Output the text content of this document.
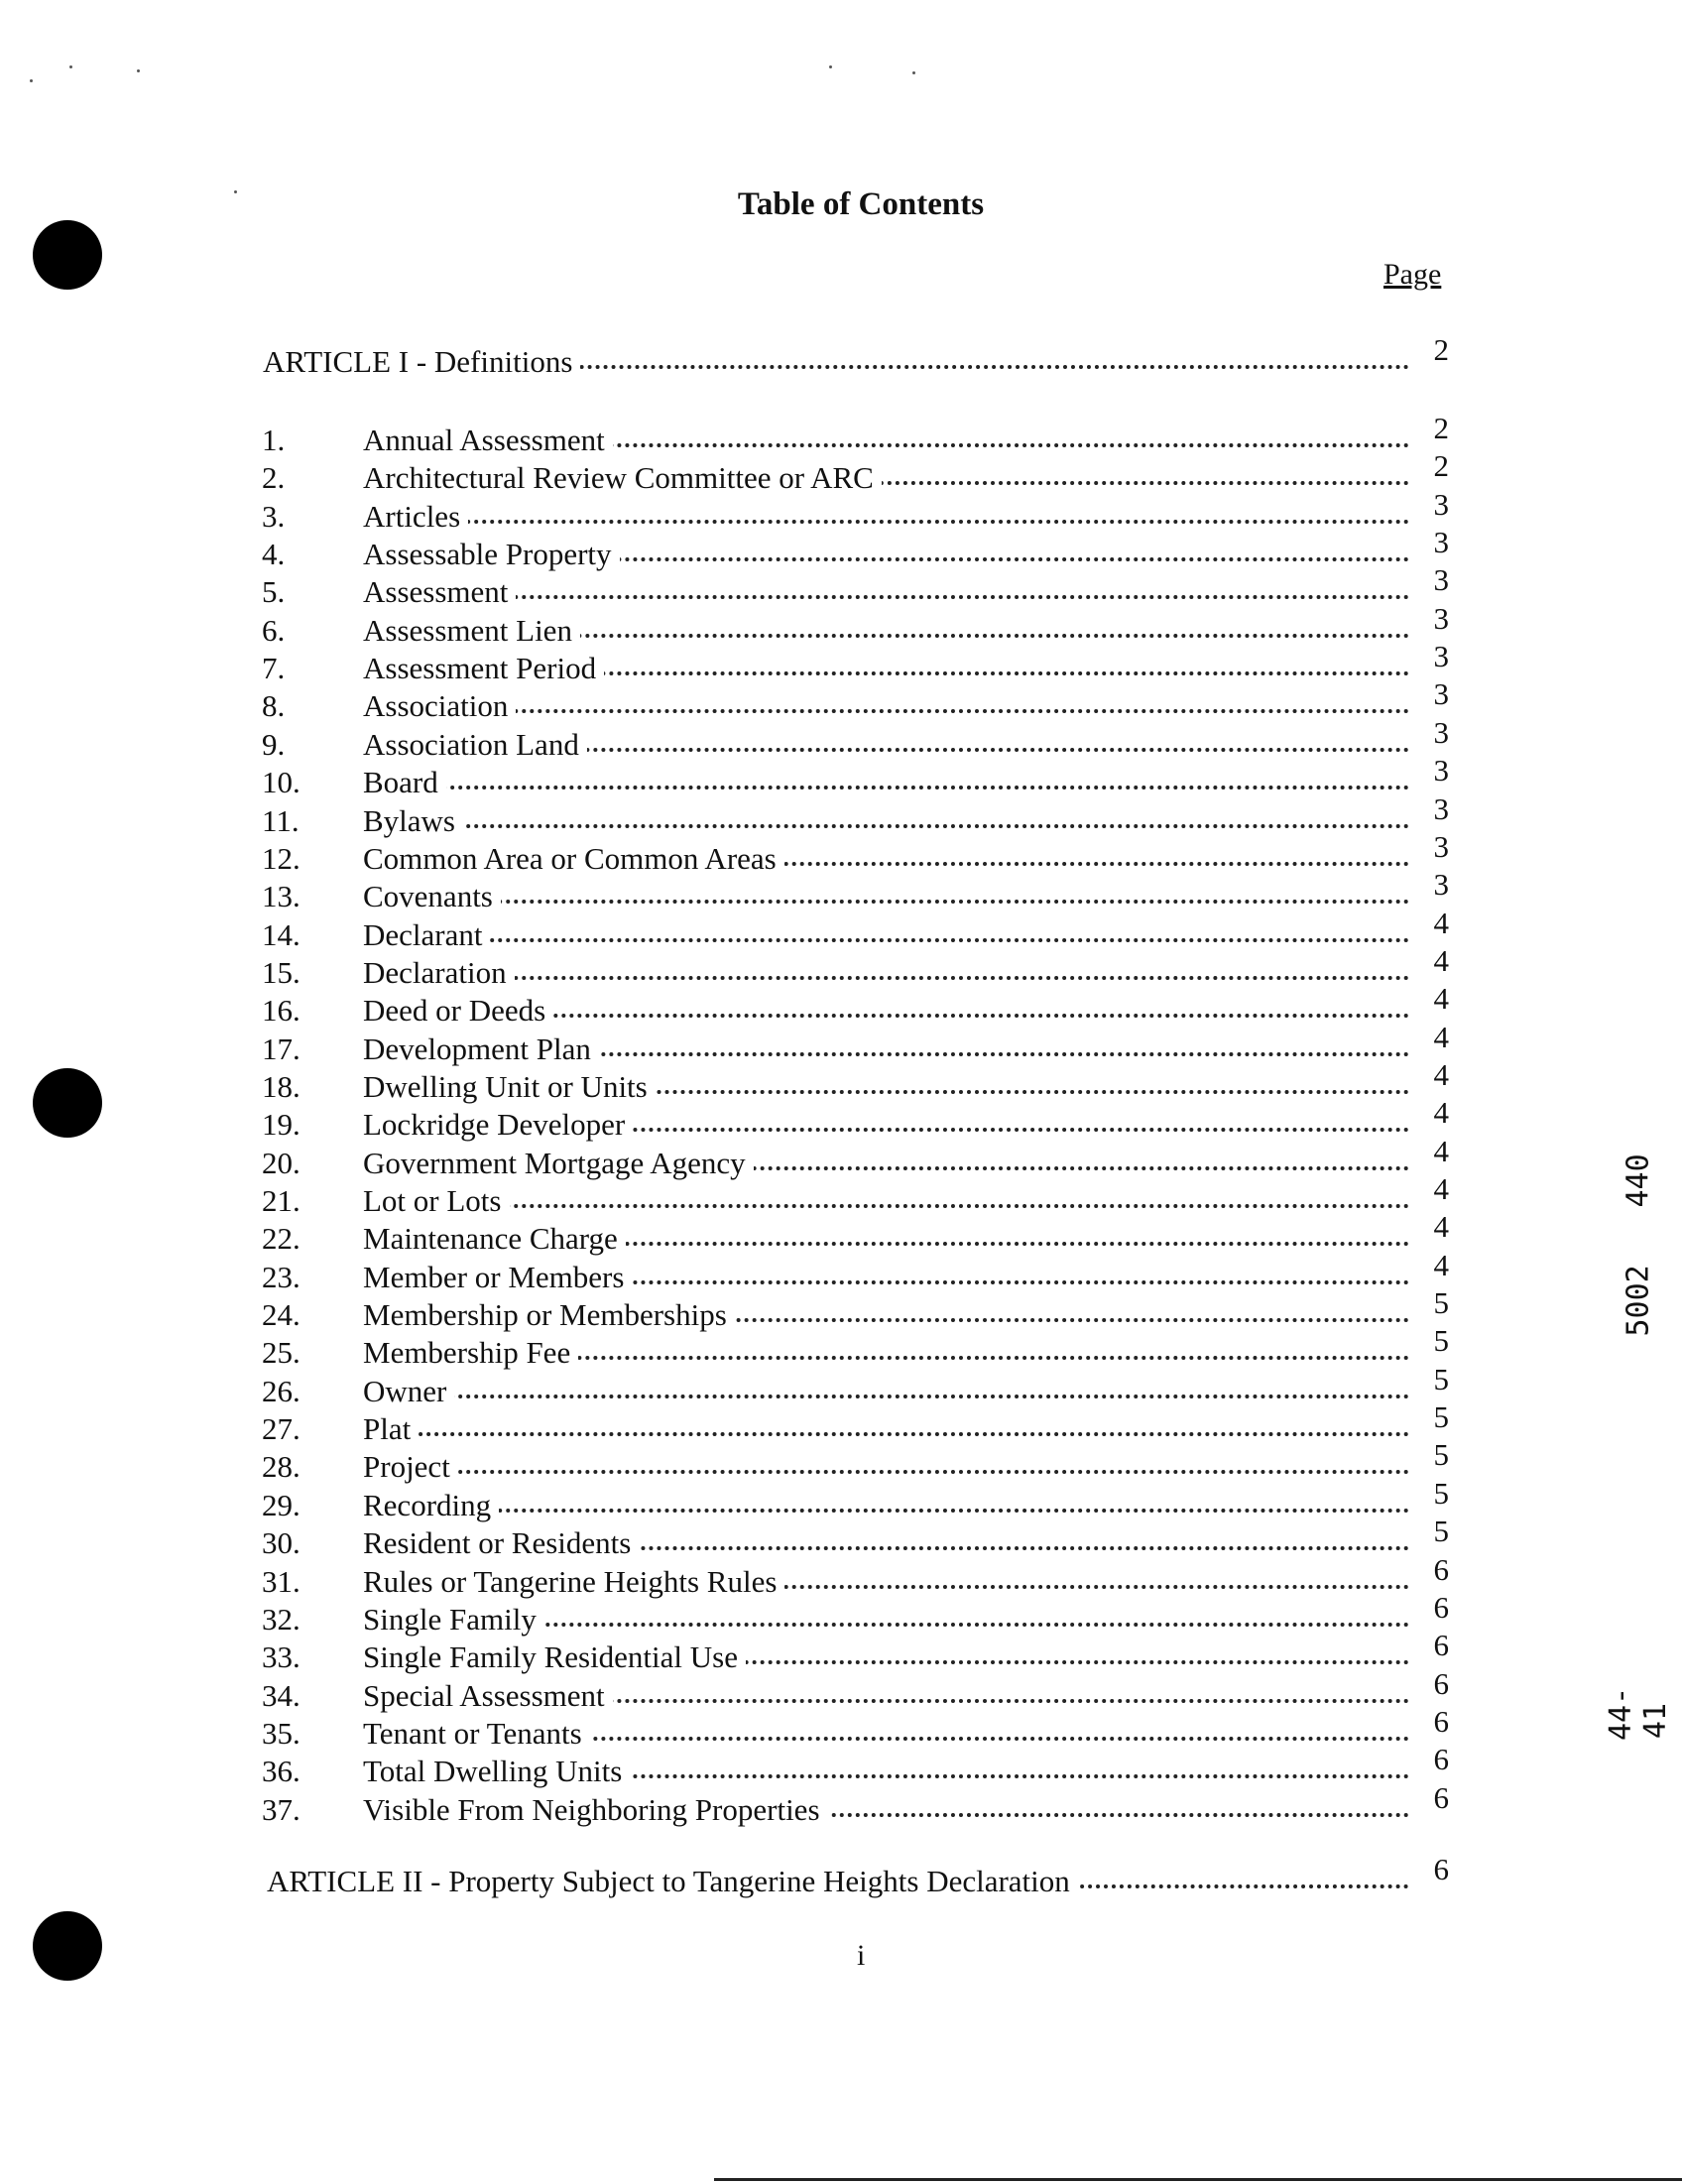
Table of Contents
Page
ARTICLE I - Definitions	2
1.	Annual Assessment	2
2.	Architectural Review Committee or ARC	2
3.	Articles	3
4.	Assessable Property	3
5.	Assessment	3
6.	Assessment Lien	3
7.	Assessment Period	3
8.	Association	3
9.	Association Land	3
10. Board	3
11. Bylaws	3
12. Common Area or Common Areas	3
13. Covenants	3
14. Declarant	4
15. Declaration	4
16. Deed or Deeds	4
17. Development Plan	4
18. Dwelling Unit or Units	4
19. Lockridge Developer	4
20. Government Mortgage Agency	4
21. Lot or Lots	4
22. Maintenance Charge	4
23. Member or Members	4
24. Membership or Memberships	5
25. Membership Fee	5
26. Owner	5
27. Plat	5
28. Project	5
29. Recording	5
30. Resident or Residents	5
31. Rules or Tangerine Heights Rules	6
32. Single Family	6
33. Single Family Residential Use	6
34. Special Assessment	6
35. Tenant or Tenants	6
36. Total Dwelling Units	6
37. Visible From Neighboring Properties	6
ARTICLE II - Property Subject to Tangerine Heights Declaration	6
i
5002
440
44-41
